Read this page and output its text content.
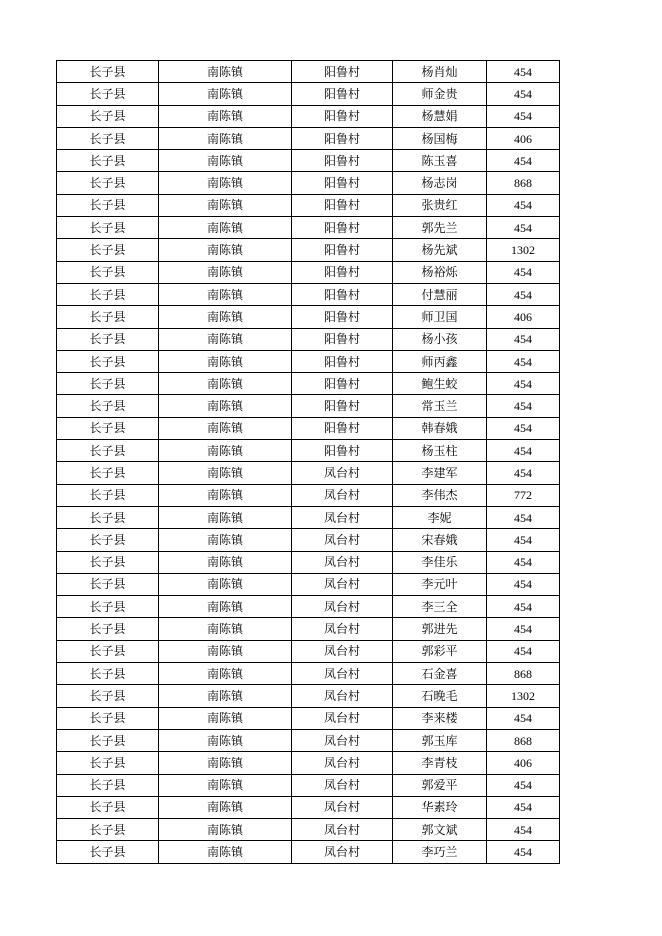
长子县	南陈镇	阳鲁村	杨肖灿	454
长子县	南陈镇	阳鲁村	师金贵	454
长子县	南陈镇	阳鲁村	杨慧娟	454
长子县	南陈镇	阳鲁村	杨国梅	406
长子县	南陈镇	阳鲁村	陈玉喜	454
长子县	南陈镇	阳鲁村	杨志岗	868
长子县	南陈镇	阳鲁村	张贵红	454
长子县	南陈镇	阳鲁村	郭先兰	454
长子县	南陈镇	阳鲁村	杨先斌	1302
长子县	南陈镇	阳鲁村	杨裕烁	454
长子县	南陈镇	阳鲁村	付慧丽	454
长子县	南陈镇	阳鲁村	师卫国	406
长子县	南陈镇	阳鲁村	杨小孩	454
长子县	南陈镇	阳鲁村	师丙鑫	454
长子县	南陈镇	阳鲁村	鲍生蛟	454
长子县	南陈镇	阳鲁村	常玉兰	454
长子县	南陈镇	阳鲁村	韩春娥	454
长子县	南陈镇	阳鲁村	杨玉柱	454
长子县	南陈镇	凤台村	李建军	454
长子县	南陈镇	凤台村	李伟杰	772
长子县	南陈镇	凤台村	李妮	454
长子县	南陈镇	凤台村	宋春娥	454
长子县	南陈镇	凤台村	李佳乐	454
长子县	南陈镇	凤台村	李元叶	454
长子县	南陈镇	凤台村	李三全	454
长子县	南陈镇	凤台村	郭进先	454
长子县	南陈镇	凤台村	郭彩平	454
长子县	南陈镇	凤台村	石金喜	868
长子县	南陈镇	凤台村	石晚毛	1302
长子县	南陈镇	凤台村	李来楼	454
长子县	南陈镇	凤台村	郭玉库	868
长子县	南陈镇	凤台村	李青枝	406
长子县	南陈镇	凤台村	郭爱平	454
长子县	南陈镇	凤台村	华素玲	454
长子县	南陈镇	凤台村	郭文斌	454
长子县	南陈镇	凤台村	李巧兰	454
